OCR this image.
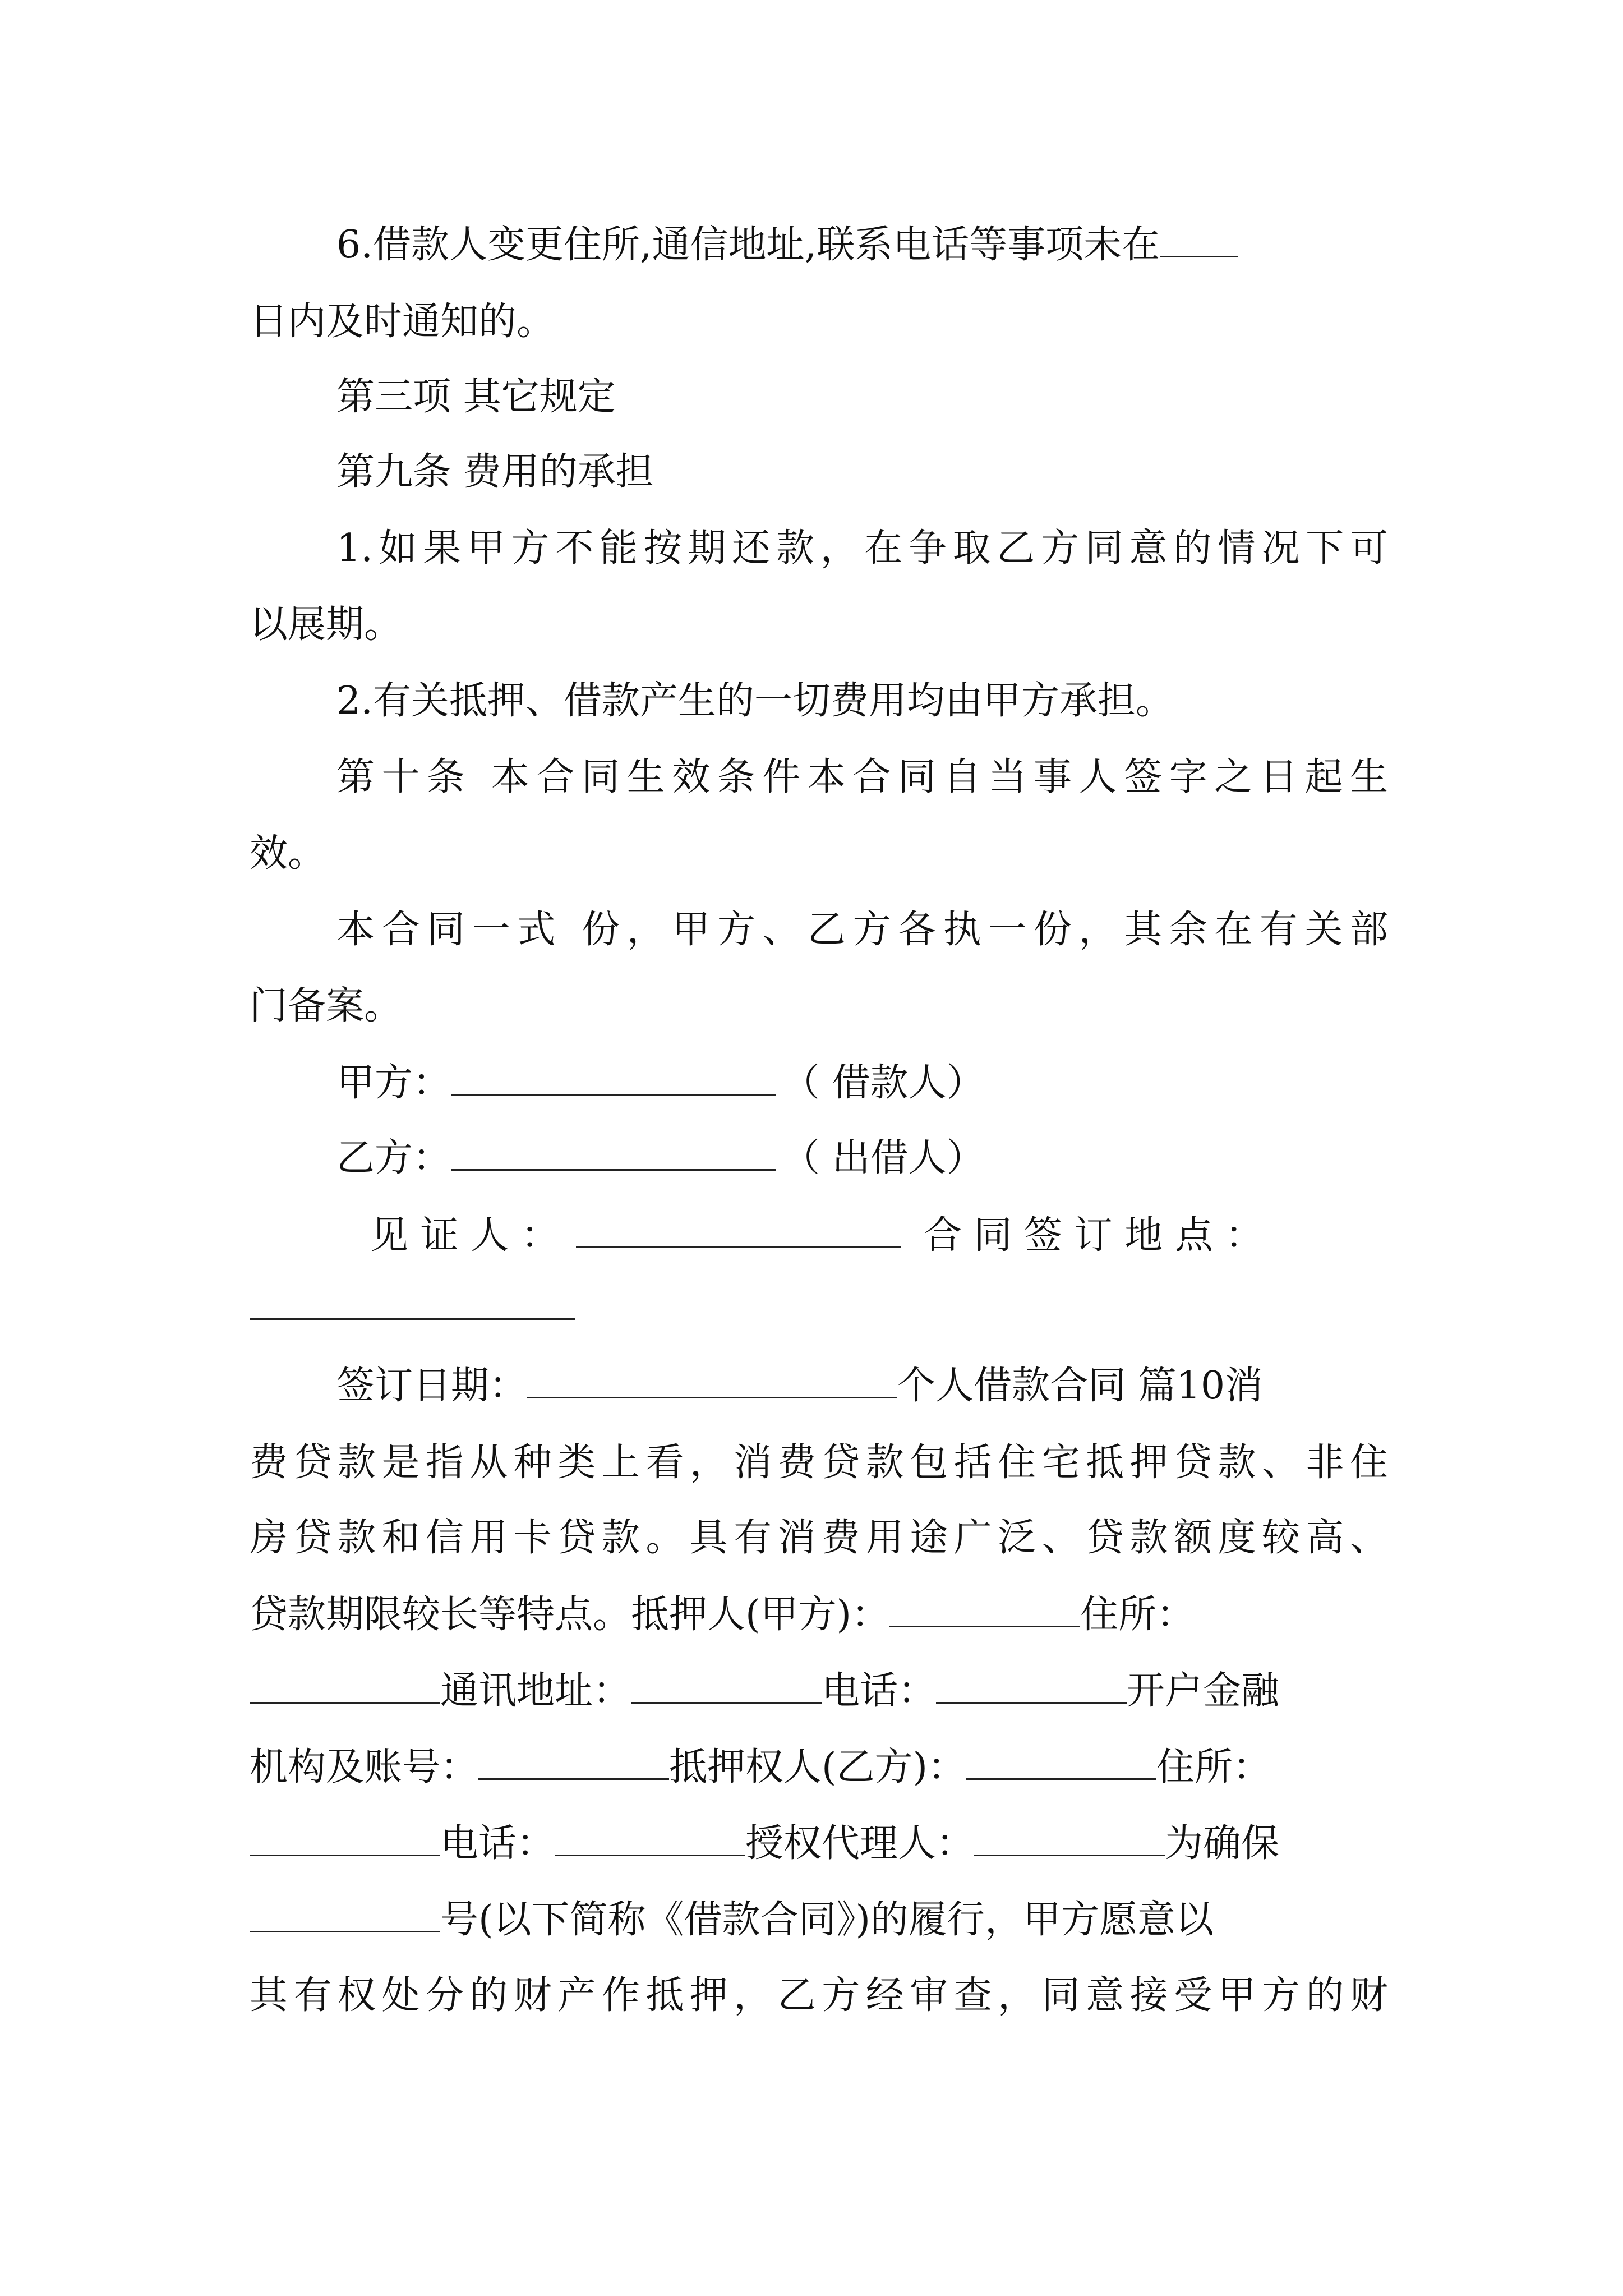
6.借款人变更住所,通信地址,联系电话等事项未在
日内及时通知的。
第三项 其它规定
第九条 费用的承担
1.如果甲方不能按期还款，在争取乙方同意的情况下可
以展期。
2.有关抵押、借款产生的一切费用均由甲方承担。
第十条 本合同生效条件本合同自当事人签字之日起生
效。
本合同一式 份，甲方、乙方各执一份，其余在有关部
门备案。
甲方：	（ 借款人）
乙方：	（ 出借人）
见 证 人 ：	合 同 签 订 地 点 ：
签订日期：	个人借款合同 篇10消
费贷款是指从种类上看，消费贷款包括住宅抵押贷款、非住
房贷款和信用卡贷款。具有消费用途广泛、贷款额度较高、
贷款期限较长等特点。抵押人(甲方)：	住所：
通讯地址：	电话：	开户金融
机构及账号：	抵押权人(乙方)：	住所：
电话：	授权代理人：	为确保
号(以下简称《借款合同》)的履行，甲方愿意以
其有权处分的财产作抵押，乙方经审查，同意接受甲方的财
